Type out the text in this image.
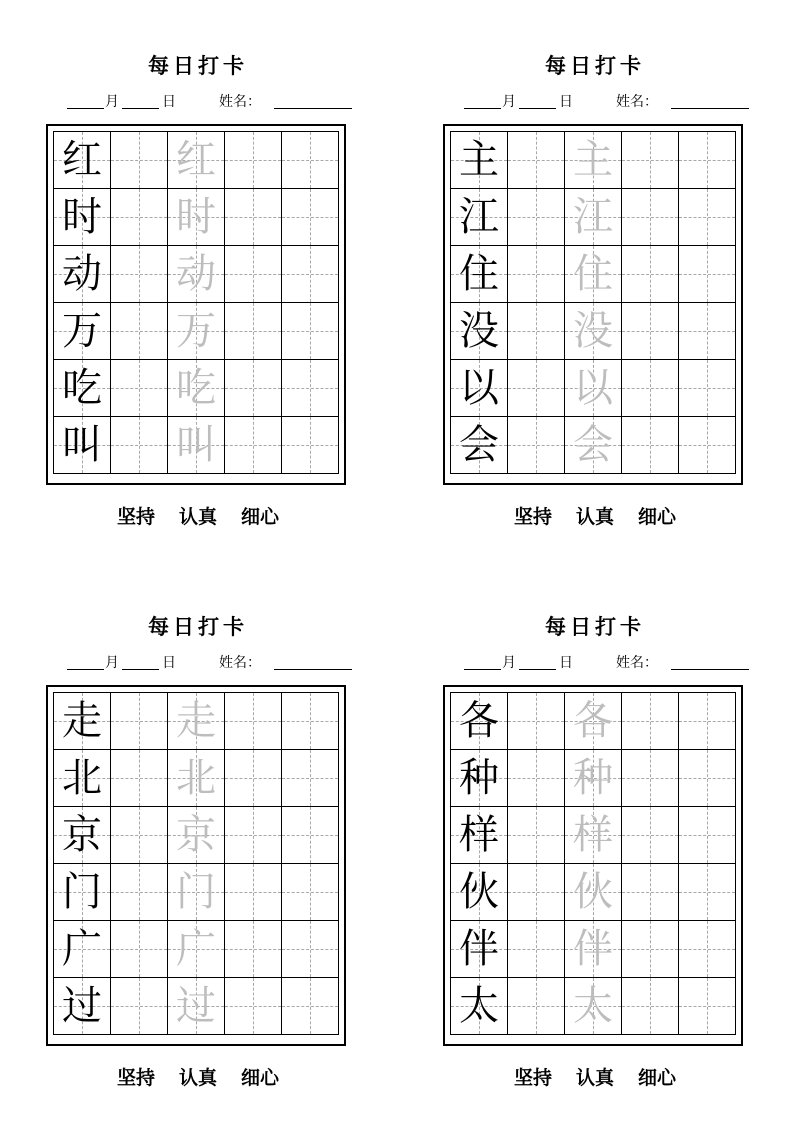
每日打卡
月	日	姓名：
红 红
时 时
动 动
万 万
吃 吃
叫 叫
坚持 认真 细心
每日打卡
月	日	姓名：
主 主
江 江
住 住
没 没
以 以
会 会
坚持 认真 细心
每日打卡
月	日	姓名：
走 走
北 北
京 京
门 门
广 广
过 过
坚持 认真 细心
每日打卡
月	日	姓名：
各 各
种 种
样 样
伙 伙
伴 伴
太 太
坚持 认真 细心
